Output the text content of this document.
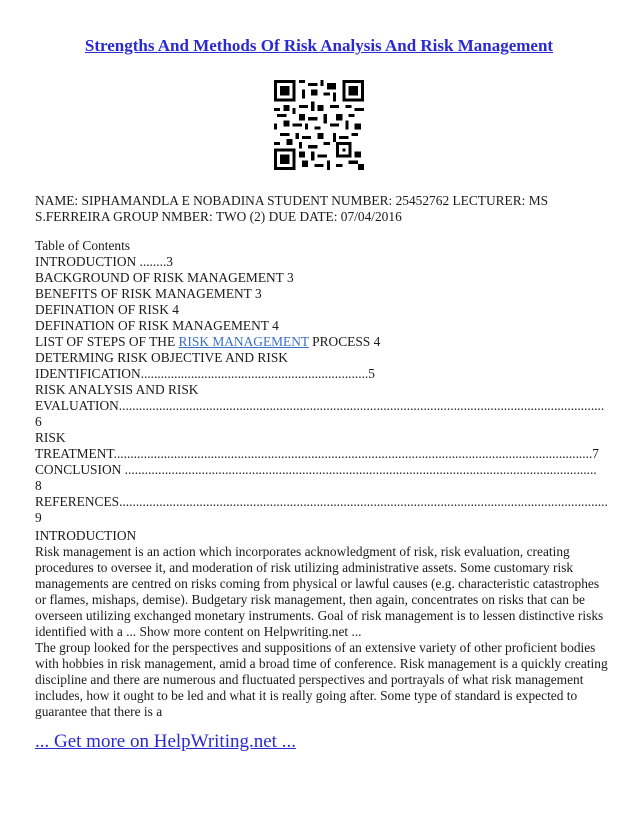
Strengths And Methods Of Risk Analysis And Risk Management
NAME: SIPHAMANDLA E NOBADINA STUDENT NUMBER: 25452762 LECTURER: MS
S.FERREIRA GROUP NMBER: TWO (2) DUE DATE: 07/04/2016
Table of Contents
INTRODUCTION ........3
BACKGROUND OF RISK MANAGEMENT 3
BENEFITS OF RISK MANAGEMENT 3
DEFINATION OF RISK 4
DEFINATION OF RISK MANAGEMENT 4
LIST OF STEPS OF THE RISK MANAGEMENT PROCESS 4
DETERMING RISK OBJECTIVE AND RISK
IDENTIFICATION....................................................................5
RISK ANALYSIS AND RISK
EVALUATION.................................................................................................................................................
6
RISK
TREATMENT...............................................................................................................................................7
CONCLUSION .............................................................................................................................................
8
REFERENCES..................................................................................................................................................
9

INTRODUCTION

Risk management is an action which incorporates acknowledgment of risk, risk evaluation, creating procedures to oversee it, and moderation of risk utilizing administrative assets. Some customary risk managements are centred on risks coming from physical or lawful causes (e.g. characteristic catastrophes or flames, mishaps, demise). Budgetary risk management, then again, concentrates on risks that can be overseen utilizing exchanged monetary instruments. Goal of risk management is to lessen distinctive risks identified with a ... Show more content on Helpwriting.net ...

The group looked for the perspectives and suppositions of an extensive variety of other proficient bodies with hobbies in risk management, amid a broad time of conference. Risk management is a quickly creating discipline and there are numerous and fluctuated perspectives and portrayals of what risk management includes, how it ought to be led and what it is really going after. Some type of standard is expected to guarantee that there is a

... Get more on HelpWriting.net ...
